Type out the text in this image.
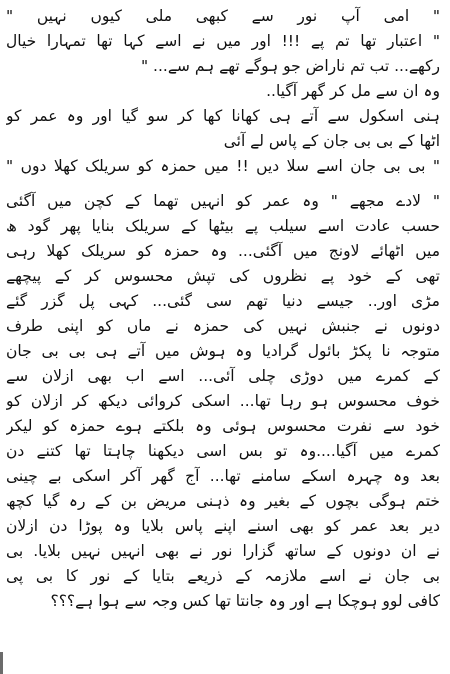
" امی آپ نور سے کبھی ملی کیوں نہیں "
" اعتبار تھا تم پے !!! اور میں نے اسے کہا تھا تمہارا خیال
رکھے... تب تم ناراض جو ہوگے تھے ہم سے... "
وہ ان سے مل کر گھر آگیا..
ہنی اسکول سے آتے ہی کھانا کھا کر سو گیا اور وہ عمر کو
اٹھا کے بی بی جان کے پاس لے آئی
" بی بی جان اسے سلا دیں !! میں حمزہ کو سریلک کھلا دوں "
" لادے مجھے " وہ عمر کو انہیں تھما کے کچن میں آگئی
حسب عادت اسے سیلب پے بیٹھا کے سریلک بنایا پھر گود ھ
میں اٹھائے لاونج میں آگئی... وہ حمزہ کو سریلک کھلا رہی
تھی کے خود پے نظروں کی تپش محسوس کر کے پیچھے
مڑی اور.. جیسے دنیا تھم سی گئی... کہی پل گزر گئے
دونوں نے جنبش نہیں کی حمزہ نے ماں کو اپنی طرف
متوجہ نا پکڑ بائول گرادیا وہ ہوش میں آتے ہی بی بی جان
کے کمرے میں دوڑی چلی آئی... اسے اب بھی ازلان سے
خوف محسوس ہو رہا تھا... اسکی کروائی دیکھ کر ازلان کو
خود سے نفرت محسوس ہوئی وہ بلکتے ہوے حمزہ کو لیکر
کمرے میں آگیا....وہ تو بس اسی دیکھنا چاہتا تھا کتنے دن
بعد وہ چہرہ اسکے سامنے تھا... آج گھر آکر اسکی بے چینی
ختم ہوگی بچوں کے بغیر وہ ذہنی مریض بن کے رہ گیا کچھ
دیر بعد عمر کو بھی اسنے اپنے پاس بلایا وہ پوڑا دن ازلان
نے ان دونوں کے ساتھ گزارا نور نے بھی انہیں نہیں بلایا. بی
بی جان نے اسے ملازمہ کے ذریعے بتایا کے نور کا بی پی
کافی لوو ہوچکا ہے اور وہ جانتا تھا کس وجہ سے ہوا ہے؟؟؟
